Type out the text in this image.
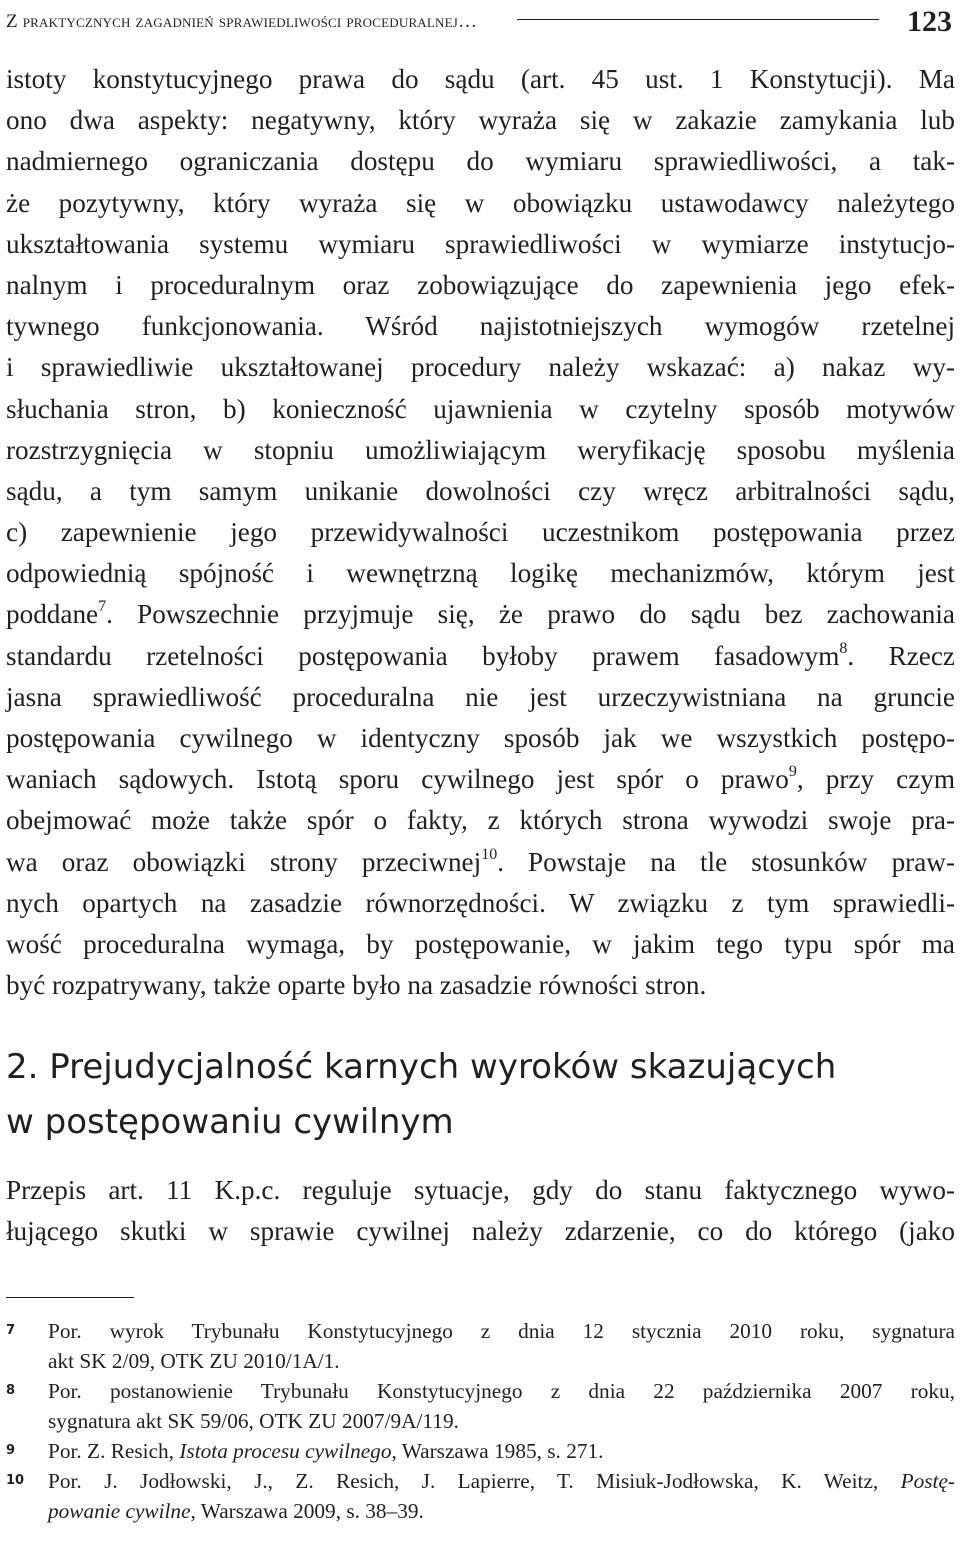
Z praktycznych zagadnień sprawiedliwości proceduralnej…	123
istoty konstytucyjnego prawa do sądu (art. 45 ust. 1 Konstytucji). Ma
ono dwa aspekty: negatywny, który wyraża się w zakazie zamykania lub
nadmiernego ograniczania dostępu do wymiaru sprawiedliwości, a tak-
że pozytywny, który wyraża się w obowiązku ustawodawcy należytego
ukształtowania systemu wymiaru sprawiedliwości w wymiarze instytucjo-
nalnym i proceduralnym oraz zobowiązujące do zapewnienia jego efek-
tywnego funkcjonowania. Wśród najistotniejszych wymogów rzetelnej
i sprawiedliwie ukształtowanej procedury należy wskazać: a) nakaz wy-
słuchania stron, b) konieczność ujawnienia w czytelny sposób motywów
rozstrzygnięcia w stopniu umożliwiającym weryfikację sposobu myślenia
sądu, a tym samym unikanie dowolności czy wręcz arbitralności sądu,
c) zapewnienie jego przewidywalności uczestnikom postępowania przez
odpowiednią spójność i wewnętrzną logikę mechanizmów, którym jest
poddane$^7$. Powszechnie przyjmuje się, że prawo do sądu bez zachowania
standardu rzetelności postępowania byłoby prawem fasadowym$^8$. Rzecz
jasna sprawiedliwość proceduralna nie jest urzeczywistniana na gruncie
postępowania cywilnego w identyczny sposób jak we wszystkich postępo-
waniach sądowych. Istotą sporu cywilnego jest spór o prawo$^9$, przy czym
obejmować może także spór o fakty, z których strona wywodzi swoje pra-
wa oraz obowiązki strony przeciwnej$^{10}$. Powstaje na tle stosunków praw-
nych opartych na zasadzie równorzędności. W związku z tym sprawiedli-
wość proceduralna wymaga, by postępowanie, w jakim tego typu spór ma
być rozpatrywany, także oparte było na zasadzie równości stron.
2. Prejudycjalność karnych wyroków skazujących
w postępowaniu cywilnym
Przepis art. 11 K.p.c. reguluje sytuacje, gdy do stanu faktycznego wywo-
łującego skutki w sprawie cywilnej należy zdarzenie, co do którego (jako
7	Por. wyrok Trybunału Konstytucyjnego z dnia 12 stycznia 2010 roku, sygnatura
akt SK 2/09, OTK ZU 2010/1A/1.
8	Por. postanowienie Trybunału Konstytucyjnego z dnia 22 października 2007 roku,
sygnatura akt SK 59/06, OTK ZU 2007/9A/119.
9	Por. Z. Resich, Istota procesu cywilnego, Warszawa 1985, s. 271.
10	Por. J. Jodłowski, J., Z. Resich, J. Lapierre, T. Misiuk-Jodłowska, K. Weitz, Postę-
powanie cywilne, Warszawa 2009, s. 38–39.
